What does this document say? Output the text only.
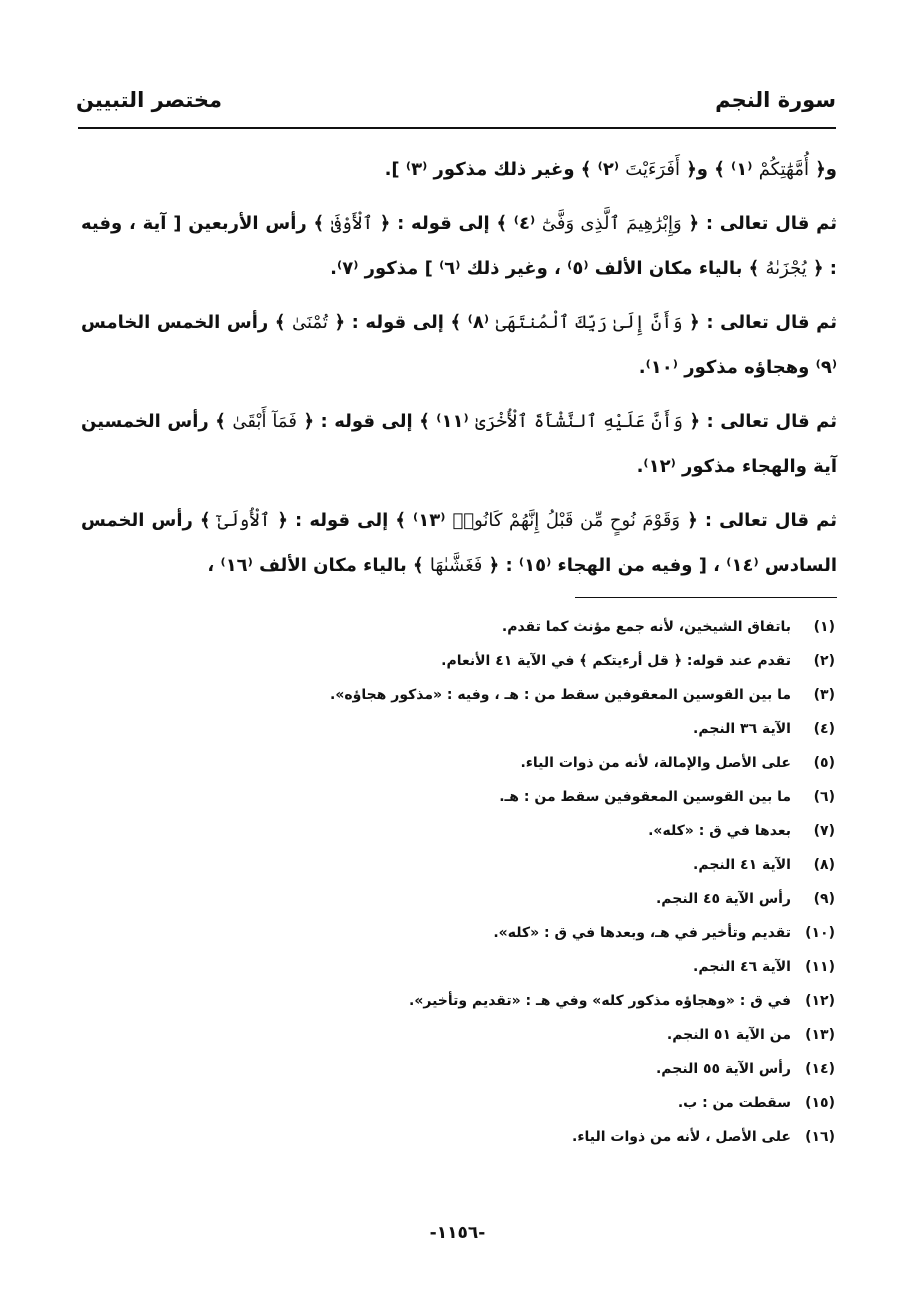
سورة النجم
مختصر التبيين

و﴿ أُمَّهَٰتِكُمْ ⁽١⁾ ﴾ و﴿ أَفَرَءَيْتَ ⁽٢⁾ ﴾ وغير ذلك مذكور ⁽٣⁾ ].

ثم قال تعالى : ﴿ وَإِبْرَٰهِيمَ ٱلَّذِى وَفَّىٰٓ ⁽٤⁾ ﴾ إلى قوله : ﴿ ٱلْأَوْفَىٰ ﴾ رأس الأربعين [ آية ، وفيه : ﴿ يُجْزَىٰهُ ﴾ بالياء مكان الألف ⁽٥⁾ ، وغير ذلك ⁽٦⁾ ] مذكور ⁽٧⁾.

ثم قال تعالى : ﴿ وَأَنَّ إِلَىٰ رَبِّكَ ٱلْمُنتَهَىٰ ⁽٨⁾ ﴾ إلى قوله : ﴿ تُمْنَىٰ ﴾ رأس الخمس الخامس ⁽٩⁾ وهجاؤه مذكور ⁽١٠⁾.

ثم قال تعالى : ﴿ وَأَنَّ عَلَيْهِ ٱلنَّشْأَةَ ٱلْأُخْرَىٰ ⁽١١⁾ ﴾ إلى قوله : ﴿ فَمَآ أَبْقَىٰ ﴾ رأس الخمسين آية والهجاء مذكور ⁽١٢⁾.

ثم قال تعالى : ﴿ وَقَوْمَ نُوحٍ مِّن قَبْلُ إِنَّهُمْ كَانُوا۟ ⁽١٣⁾ ﴾ إلى قوله : ﴿ ٱلْأُولَىٰٓ ﴾ رأس الخمس السادس ⁽١٤⁾ ، [ وفيه من الهجاء ⁽١٥⁾ : ﴿ فَغَشَّىٰهَا ﴾ بالياء مكان الألف ⁽١٦⁾ ،

(١)باتفاق الشيخين، لأنه جمع مؤنث كما تقدم.
(٢)تقدم عند قوله: ﴿ قل أرءيتكم ﴾ في الآية ٤١ الأنعام.
(٣)ما بين القوسين المعقوفين سقط من : هـ ، وفيه : «مذكور هجاؤه».
(٤)الآية ٣٦ النجم.
(٥)على الأصل والإمالة، لأنه من ذوات الياء.
(٦)ما بين القوسين المعقوفين سقط من : هـ.
(٧)بعدها في ق : «كله».
(٨)الآية ٤١ النجم.
(٩)رأس الآية ٤٥ النجم.
(١٠)تقديم وتأخير في هـ، وبعدها في ق : «كله».
(١١)الآية ٤٦ النجم.
(١٢)في ق : «وهجاؤه مذكور كله» وفي هـ : «تقديم وتأخير».
(١٣)من الآية ٥١ النجم.
(١٤)رأس الآية ٥٥ النجم.
(١٥)سقطت من : ب.
(١٦)على الأصل ، لأنه من ذوات الياء.
-١١٥٦-
